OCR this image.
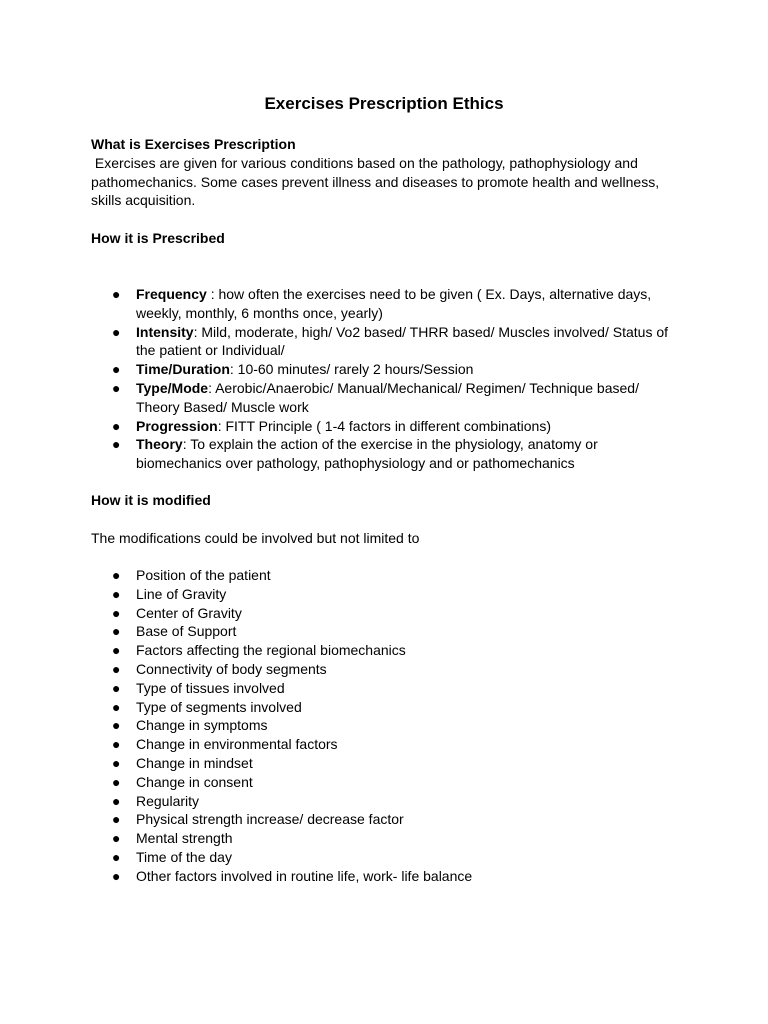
Exercises Prescription Ethics

What is Exercises Prescription

Exercises are given for various conditions based on the pathology, pathophysiology and pathomechanics. Some cases prevent illness and diseases to promote health and wellness, skills acquisition.

How it is Prescribed

● Frequency : how often the exercises need to be given ( Ex. Days, alternative days, weekly, monthly, 6 months once, yearly)
● Intensity: Mild, moderate, high/ Vo2 based/ THRR based/ Muscles involved/ Status of the patient or Individual/
● Time/Duration: 10-60 minutes/ rarely 2 hours/Session
● Type/Mode: Aerobic/Anaerobic/ Manual/Mechanical/ Regimen/ Technique based/ Theory Based/ Muscle work
● Progression: FITT Principle ( 1-4 factors in different combinations)
● Theory: To explain the action of the exercise in the physiology, anatomy or biomechanics over pathology, pathophysiology and or pathomechanics

How it is modified

The modifications could be involved but not limited to

● Position of the patient
● Line of Gravity
● Center of Gravity
● Base of Support
● Factors affecting the regional biomechanics
● Connectivity of body segments
● Type of tissues involved
● Type of segments involved
● Change in symptoms
● Change in environmental factors
● Change in mindset
● Change in consent
● Regularity
● Physical strength increase/ decrease factor
● Mental strength
● Time of the day
● Other factors involved in routine life, work- life balance
